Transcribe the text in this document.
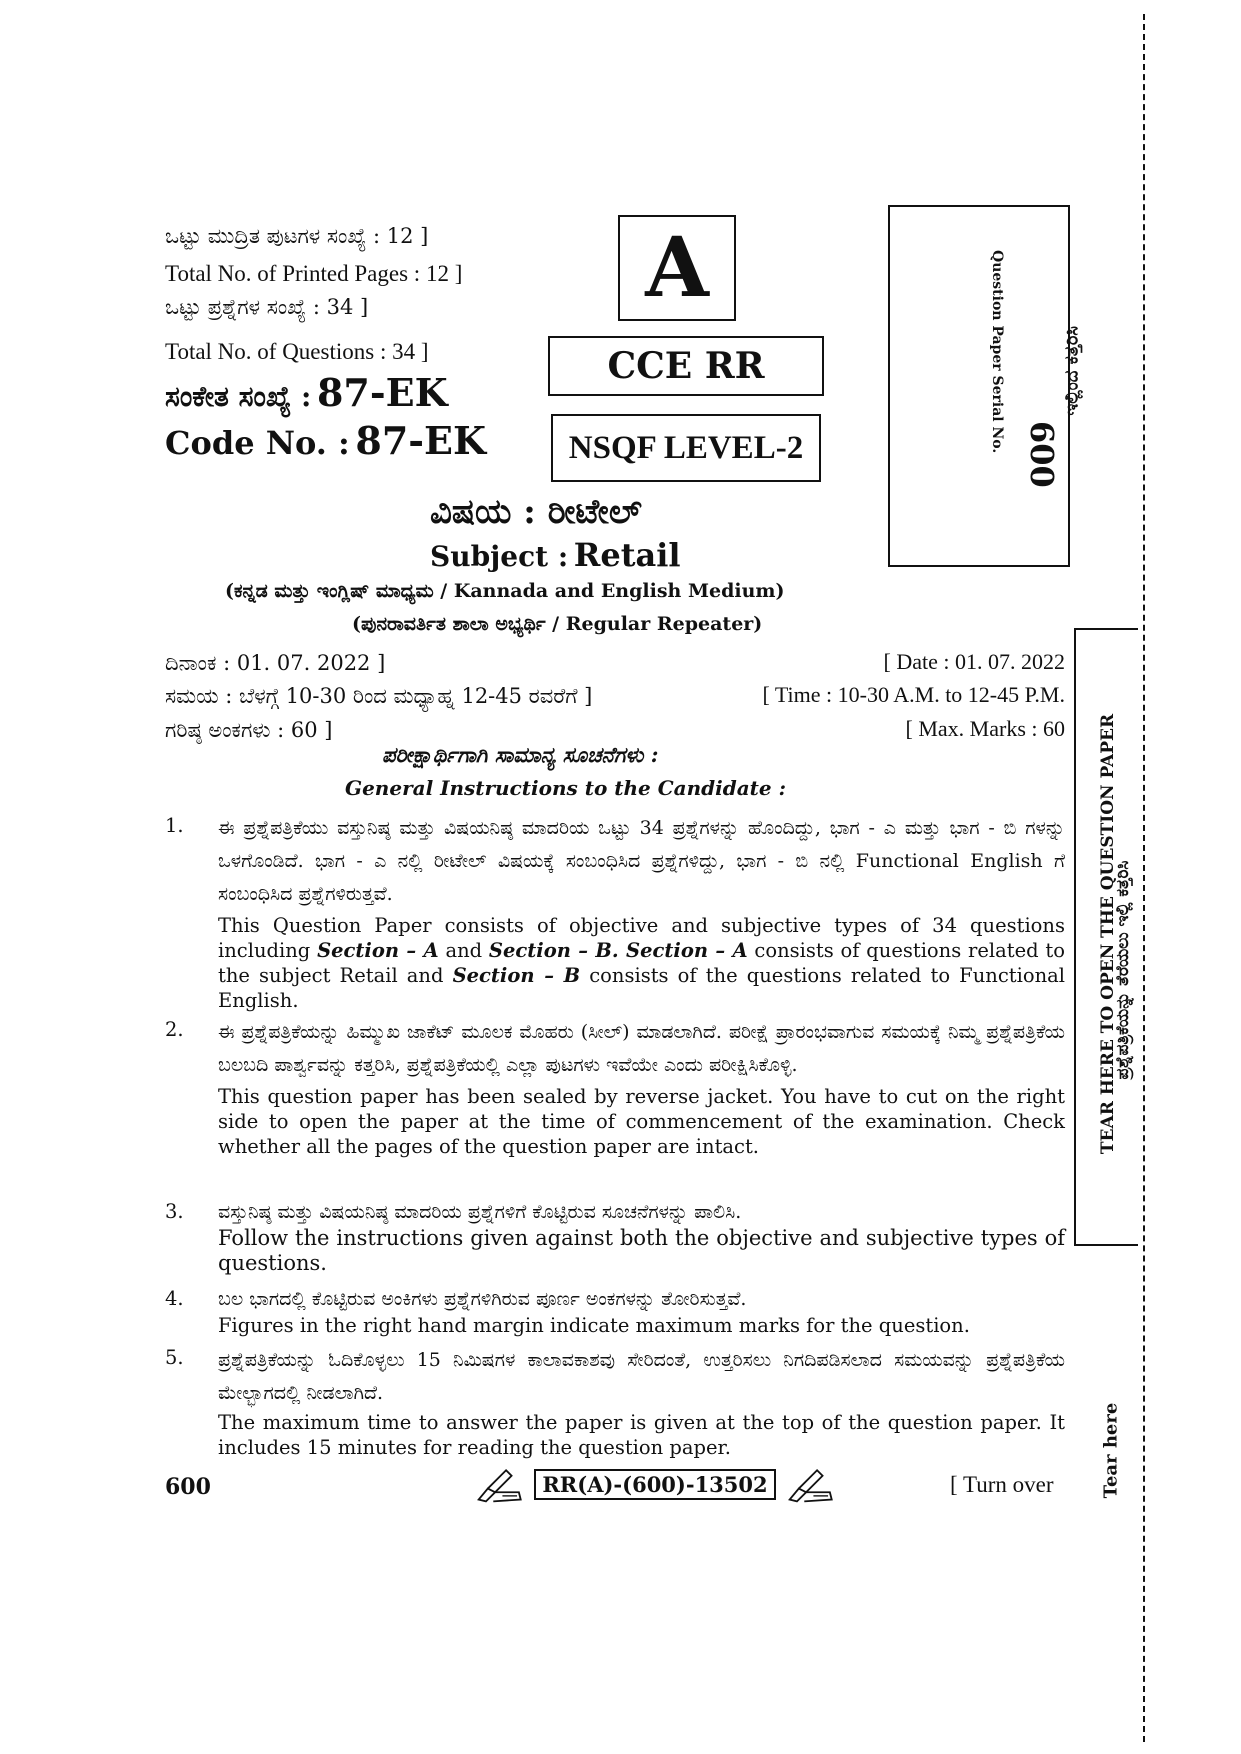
ಒಟ್ಟು ಮುದ್ರಿತ ಪುಟಗಳ ಸಂಖ್ಯೆ : 12 ]
Total No. of Printed Pages : 12 ]
ಒಟ್ಟು ಪ್ರಶ್ನೆಗಳ ಸಂಖ್ಯೆ : 34 ]
Total No. of Questions : 34 ]
ಸಂಕೇತ ಸಂಖ್ಯೆ : 87-EK
Code No. : 87-EK
A
CCE RR
NSQF LEVEL-2	Question Paper Serial No.
600
ಇಲ್ಲಿಂದ ಕತ್ತರಿಸಿ
TEAR HERE TO OPEN THE QUESTION PAPER
ಪ್ರಶ್ನೆಪತ್ರಿಕೆಯನ್ನು ತೆರೆಯಲು ಇಲ್ಲಿ ಕತ್ತರಿಸಿ
Tear here
ವಿಷಯ : ರೀಟೇಲ್
Subject : Retail
(ಕನ್ನಡ ಮತ್ತು ಇಂಗ್ಲಿಷ್ ಮಾಧ್ಯಮ / Kannada and English Medium)
(ಪುನರಾವರ್ತಿತ ಶಾಲಾ ಅಭ್ಯರ್ಥಿ / Regular Repeater)
ದಿನಾಂಕ : 01. 07. 2022 ]	[ Date : 01. 07. 2022
ಸಮಯ : ಬೆಳಗ್ಗೆ 10-30 ರಿಂದ ಮಧ್ಯಾಹ್ನ 12-45 ರವರೆಗೆ ]	[ Time : 10-30 A.M. to 12-45 P.M.
ಗರಿಷ್ಠ ಅಂಕಗಳು : 60 ]	[ Max. Marks : 60
ಪರೀಕ್ಷಾರ್ಥಿಗಾಗಿ ಸಾಮಾನ್ಯ ಸೂಚನೆಗಳು :
General Instructions to the Candidate :
1. ಈ ಪ್ರಶ್ನೆಪತ್ರಿಕೆಯು ವಸ್ತುನಿಷ್ಠ ಮತ್ತು ವಿಷಯನಿಷ್ಠ ಮಾದರಿಯ ಒಟ್ಟು 34 ಪ್ರಶ್ನೆಗಳನ್ನು ಹೊಂದಿದ್ದು, ಭಾಗ - ಎ ಮತ್ತು ಭಾಗ - ಬಿ ಗಳನ್ನು ಒಳಗೊಂಡಿದೆ. ಭಾಗ - ಎ ನಲ್ಲಿ ರೀಟೇಲ್ ವಿಷಯಕ್ಕೆ ಸಂಬಂಧಿಸಿದ ಪ್ರಶ್ನೆಗಳಿದ್ದು, ಭಾಗ - ಬಿ ನಲ್ಲಿ Functional English ಗೆ ಸಂಬಂಧಿಸಿದ ಪ್ರಶ್ನೆಗಳಿರುತ್ತವೆ.
This Question Paper consists of objective and subjective types of 34 questions including Section – A and Section – B. Section – A consists of questions related to the subject Retail and Section – B consists of the questions related to Functional English.
2. ಈ ಪ್ರಶ್ನೆಪತ್ರಿಕೆಯನ್ನು ಹಿಮ್ಮುಖ ಜಾಕೆಟ್ ಮೂಲಕ ಮೊಹರು (ಸೀಲ್) ಮಾಡಲಾಗಿದೆ. ಪರೀಕ್ಷೆ ಪ್ರಾರಂಭವಾಗುವ ಸಮಯಕ್ಕೆ ನಿಮ್ಮ ಪ್ರಶ್ನೆಪತ್ರಿಕೆಯ ಬಲಬದಿ ಪಾರ್ಶ್ವವನ್ನು ಕತ್ತರಿಸಿ, ಪ್ರಶ್ನೆಪತ್ರಿಕೆಯಲ್ಲಿ ಎಲ್ಲಾ ಪುಟಗಳು ಇವೆಯೇ ಎಂದು ಪರೀಕ್ಷಿಸಿಕೊಳ್ಳಿ.
This question paper has been sealed by reverse jacket. You have to cut on the right side to open the paper at the time of commencement of the examination. Check whether all the pages of the question paper are intact.
3. ವಸ್ತುನಿಷ್ಠ ಮತ್ತು ವಿಷಯನಿಷ್ಠ ಮಾದರಿಯ ಪ್ರಶ್ನೆಗಳಿಗೆ ಕೊಟ್ಟಿರುವ ಸೂಚನೆಗಳನ್ನು ಪಾಲಿಸಿ.
Follow the instructions given against both the objective and subjective types of questions.
4. ಬಲ ಭಾಗದಲ್ಲಿ ಕೊಟ್ಟಿರುವ ಅಂಕಿಗಳು ಪ್ರಶ್ನೆಗಳಿಗಿರುವ ಪೂರ್ಣ ಅಂಕಗಳನ್ನು ತೋರಿಸುತ್ತವೆ.
Figures in the right hand margin indicate maximum marks for the question.
5. ಪ್ರಶ್ನೆಪತ್ರಿಕೆಯನ್ನು ಓದಿಕೊಳ್ಳಲು 15 ನಿಮಿಷಗಳ ಕಾಲಾವಕಾಶವು ಸೇರಿದಂತೆ, ಉತ್ತರಿಸಲು ನಿಗದಿಪಡಿಸಲಾದ ಸಮಯವನ್ನು ಪ್ರಶ್ನೆಪತ್ರಿಕೆಯ ಮೇಲ್ಭಾಗದಲ್ಲಿ ನೀಡಲಾಗಿದೆ.
The maximum time to answer the paper is given at the top of the question paper. It includes 15 minutes for reading the question paper.
600	RR(A)-(600)-13502	[ Turn over
